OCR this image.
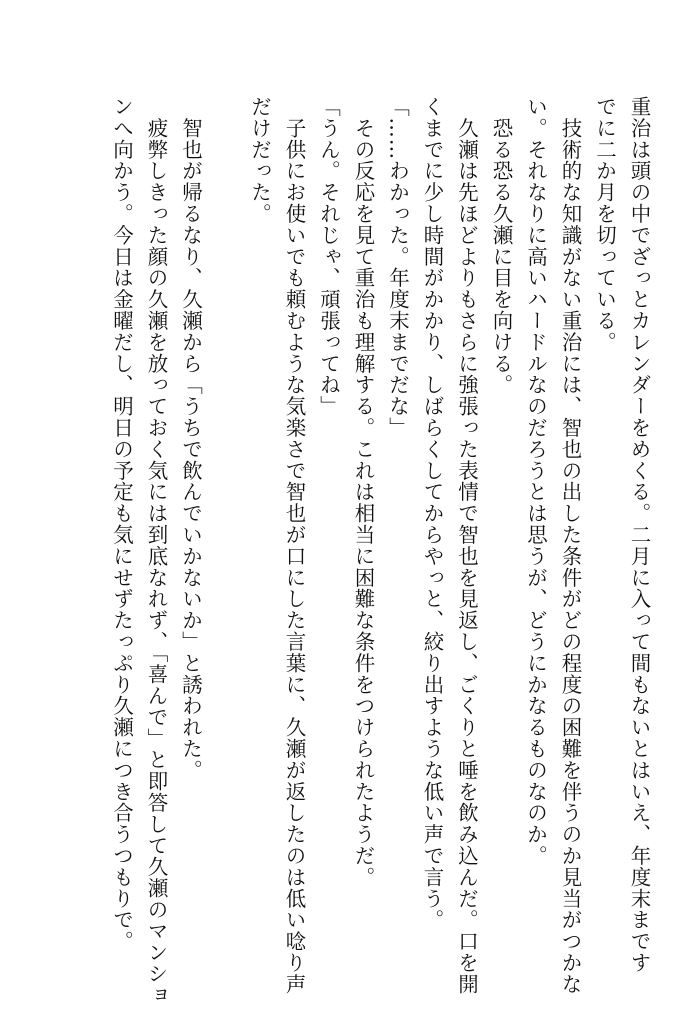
重治は頭の中でざっとカレンダーをめくる。二月に入って間もないとはいえ、年度末まです
でに二か月を切っている。
　技術的な知識がない重治には、智也の出した条件がどの程度の困難を伴うのか見当がつかな
い。それなりに高いハードルなのだろうとは思うが、どうにかなるものなのか。
　恐る恐る久瀬に目を向ける。
　久瀬は先ほどよりもさらに強張った表情で智也を見返し、ごくりと唾を飲み込んだ。口を開
くまでに少し時間がかかり、しばらくしてからやっと、絞り出すような低い声で言う。
「……わかった。年度末までだな」
　その反応を見て重治も理解する。これは相当に困難な条件をつけられたようだ。
「うん。それじゃ、頑張ってね」
　子供にお使いでも頼むような気楽さで智也が口にした言葉に、久瀬が返したのは低い唸り声
だけだった。

　智也が帰るなり、久瀬から「うちで飲んでいかないか」と誘われた。
　疲弊しきった顔の久瀬を放っておく気には到底なれず、「喜んで」と即答して久瀬のマンショ
ンへ向かう。今日は金曜だし、明日の予定も気にせずたっぷり久瀬につき合うつもりで。
